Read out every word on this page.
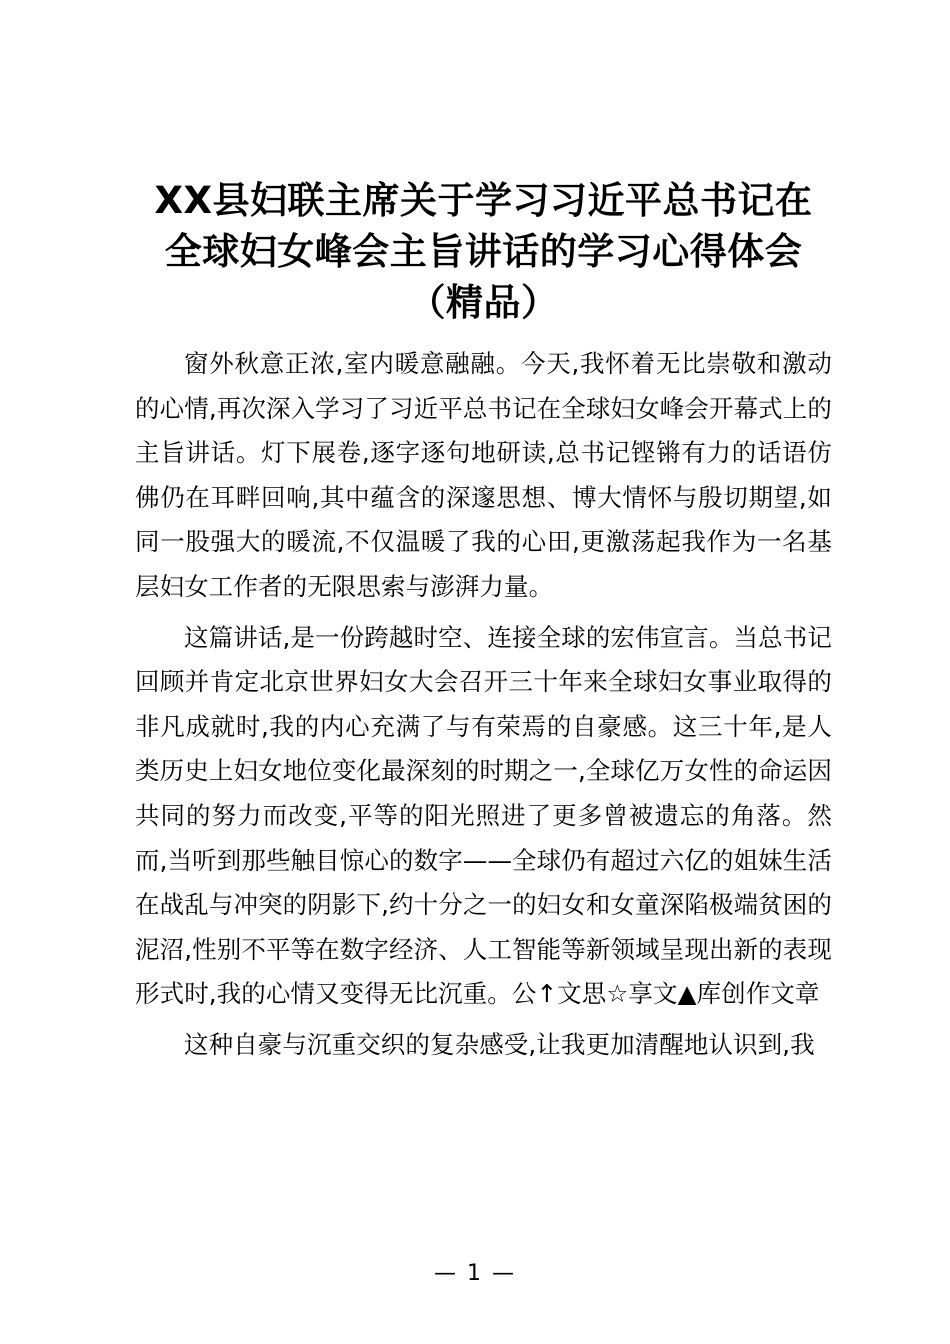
XX县妇联主席关于学习习近平总书记在全球妇女峰会主旨讲话的学习心得体会（精品）

窗外秋意正浓,室内暖意融融。今天,我怀着无比崇敬和激动的心情,再次深入学习了习近平总书记在全球妇女峰会开幕式上的主旨讲话。灯下展卷,逐字逐句地研读,总书记铿锵有力的话语仿佛仍在耳畔回响,其中蕴含的深邃思想、博大情怀与殷切期望,如同一股强大的暖流,不仅温暖了我的心田,更激荡起我作为一名基层妇女工作者的无限思索与澎湃力量。

这篇讲话,是一份跨越时空、连接全球的宏伟宣言。当总书记回顾并肯定北京世界妇女大会召开三十年来全球妇女事业取得的非凡成就时,我的内心充满了与有荣焉的自豪感。这三十年,是人类历史上妇女地位变化最深刻的时期之一,全球亿万女性的命运因共同的努力而改变,平等的阳光照进了更多曾被遗忘的角落。然而,当听到那些触目惊心的数字——全球仍有超过六亿的姐妹生活在战乱与冲突的阴影下,约十分之一的妇女和女童深陷极端贫困的泥沼,性别不平等在数字经济、人工智能等新领域呈现出新的表现形式时,我的心情又变得无比沉重。公↑文思☆享文▲库创作文章

这种自豪与沉重交织的复杂感受,让我更加清醒地认识到,我

— 1 —
